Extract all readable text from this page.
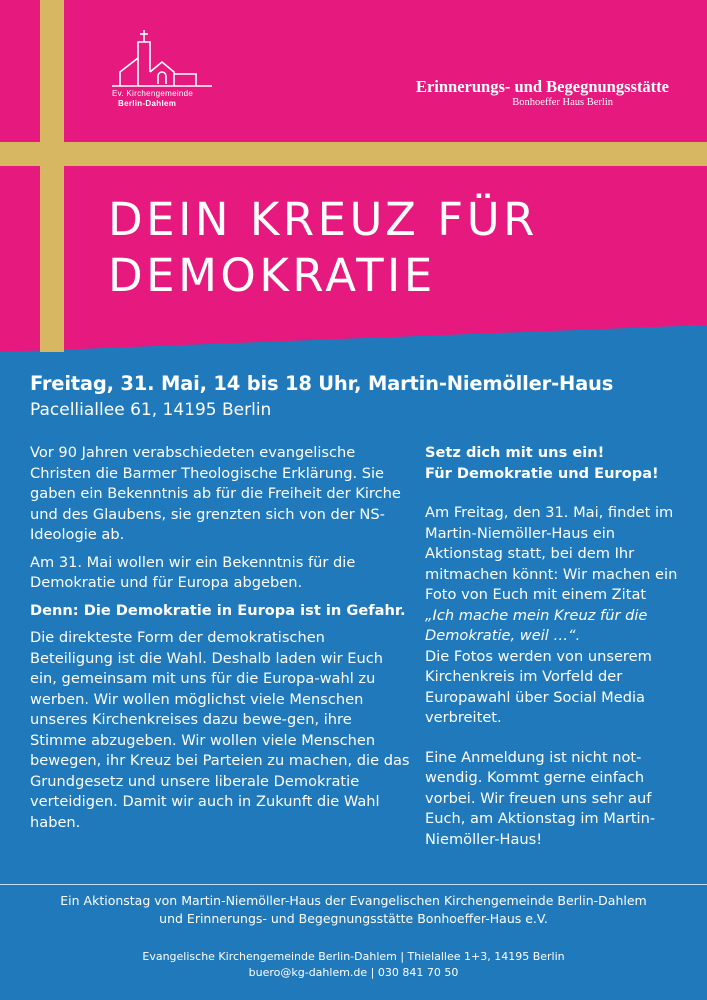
Ev. Kirchengemeinde
Berlin-Dahlem
Erinnerungs- und Begegnungsstätte
Bonhoeffer Haus Berlin
DEIN KREUZ FÜR
DEMOKRATIE
Freitag, 31. Mai, 14 bis 18 Uhr, Martin-Niemöller-Haus
Pacelliallee 61, 14195 Berlin

Vor 90 Jahren verabschiedeten evangelische Christen die Barmer Theologische Erklärung. Sie gaben ein Bekenntnis ab für die Freiheit der Kirche und des Glaubens, sie grenzten sich von der NS-Ideologie ab.

Am 31. Mai wollen wir ein Bekenntnis für die Demokratie und für Europa abgeben.

Denn: Die Demokratie in Europa ist in Gefahr.

Die direkteste Form der demokratischen Beteiligung ist die Wahl. Deshalb laden wir Euch ein, gemeinsam mit uns für die Europa-wahl zu werben. Wir wollen möglichst viele Menschen unseres Kirchenkreises dazu bewe-gen, ihre Stimme abzugeben. Wir wollen viele Menschen bewegen, ihr Kreuz bei Parteien zu machen, die das Grundgesetz und unsere liberale Demokratie verteidigen. Damit wir auch in Zukunft die Wahl haben.

Setz dich mit uns ein!

Für Demokratie und Europa!

Am Freitag, den 31. Mai, findet im Martin-Niemöller-Haus ein Aktionstag statt, bei dem Ihr mitmachen könnt: Wir machen ein Foto von Euch mit einem Zitat

„Ich mache mein Kreuz für die Demokratie, weil …“.

Die Fotos werden von unserem Kirchenkreis im Vorfeld der Europawahl über Social Media verbreitet.

Eine Anmeldung ist nicht not-wendig. Kommt gerne einfach vorbei. Wir freuen uns sehr auf Euch, am Aktionstag im Martin-Niemöller-Haus!

Ein Aktionstag von Martin-Niemöller-Haus der Evangelischen Kirchengemeinde Berlin-Dahlem
und Erinnerungs- und Begegnungsstätte Bonhoeffer-Haus e.V.
Evangelische Kirchengemeinde Berlin-Dahlem | Thielallee 1+3, 14195 Berlin
buero@kg-dahlem.de | 030 841 70 50
